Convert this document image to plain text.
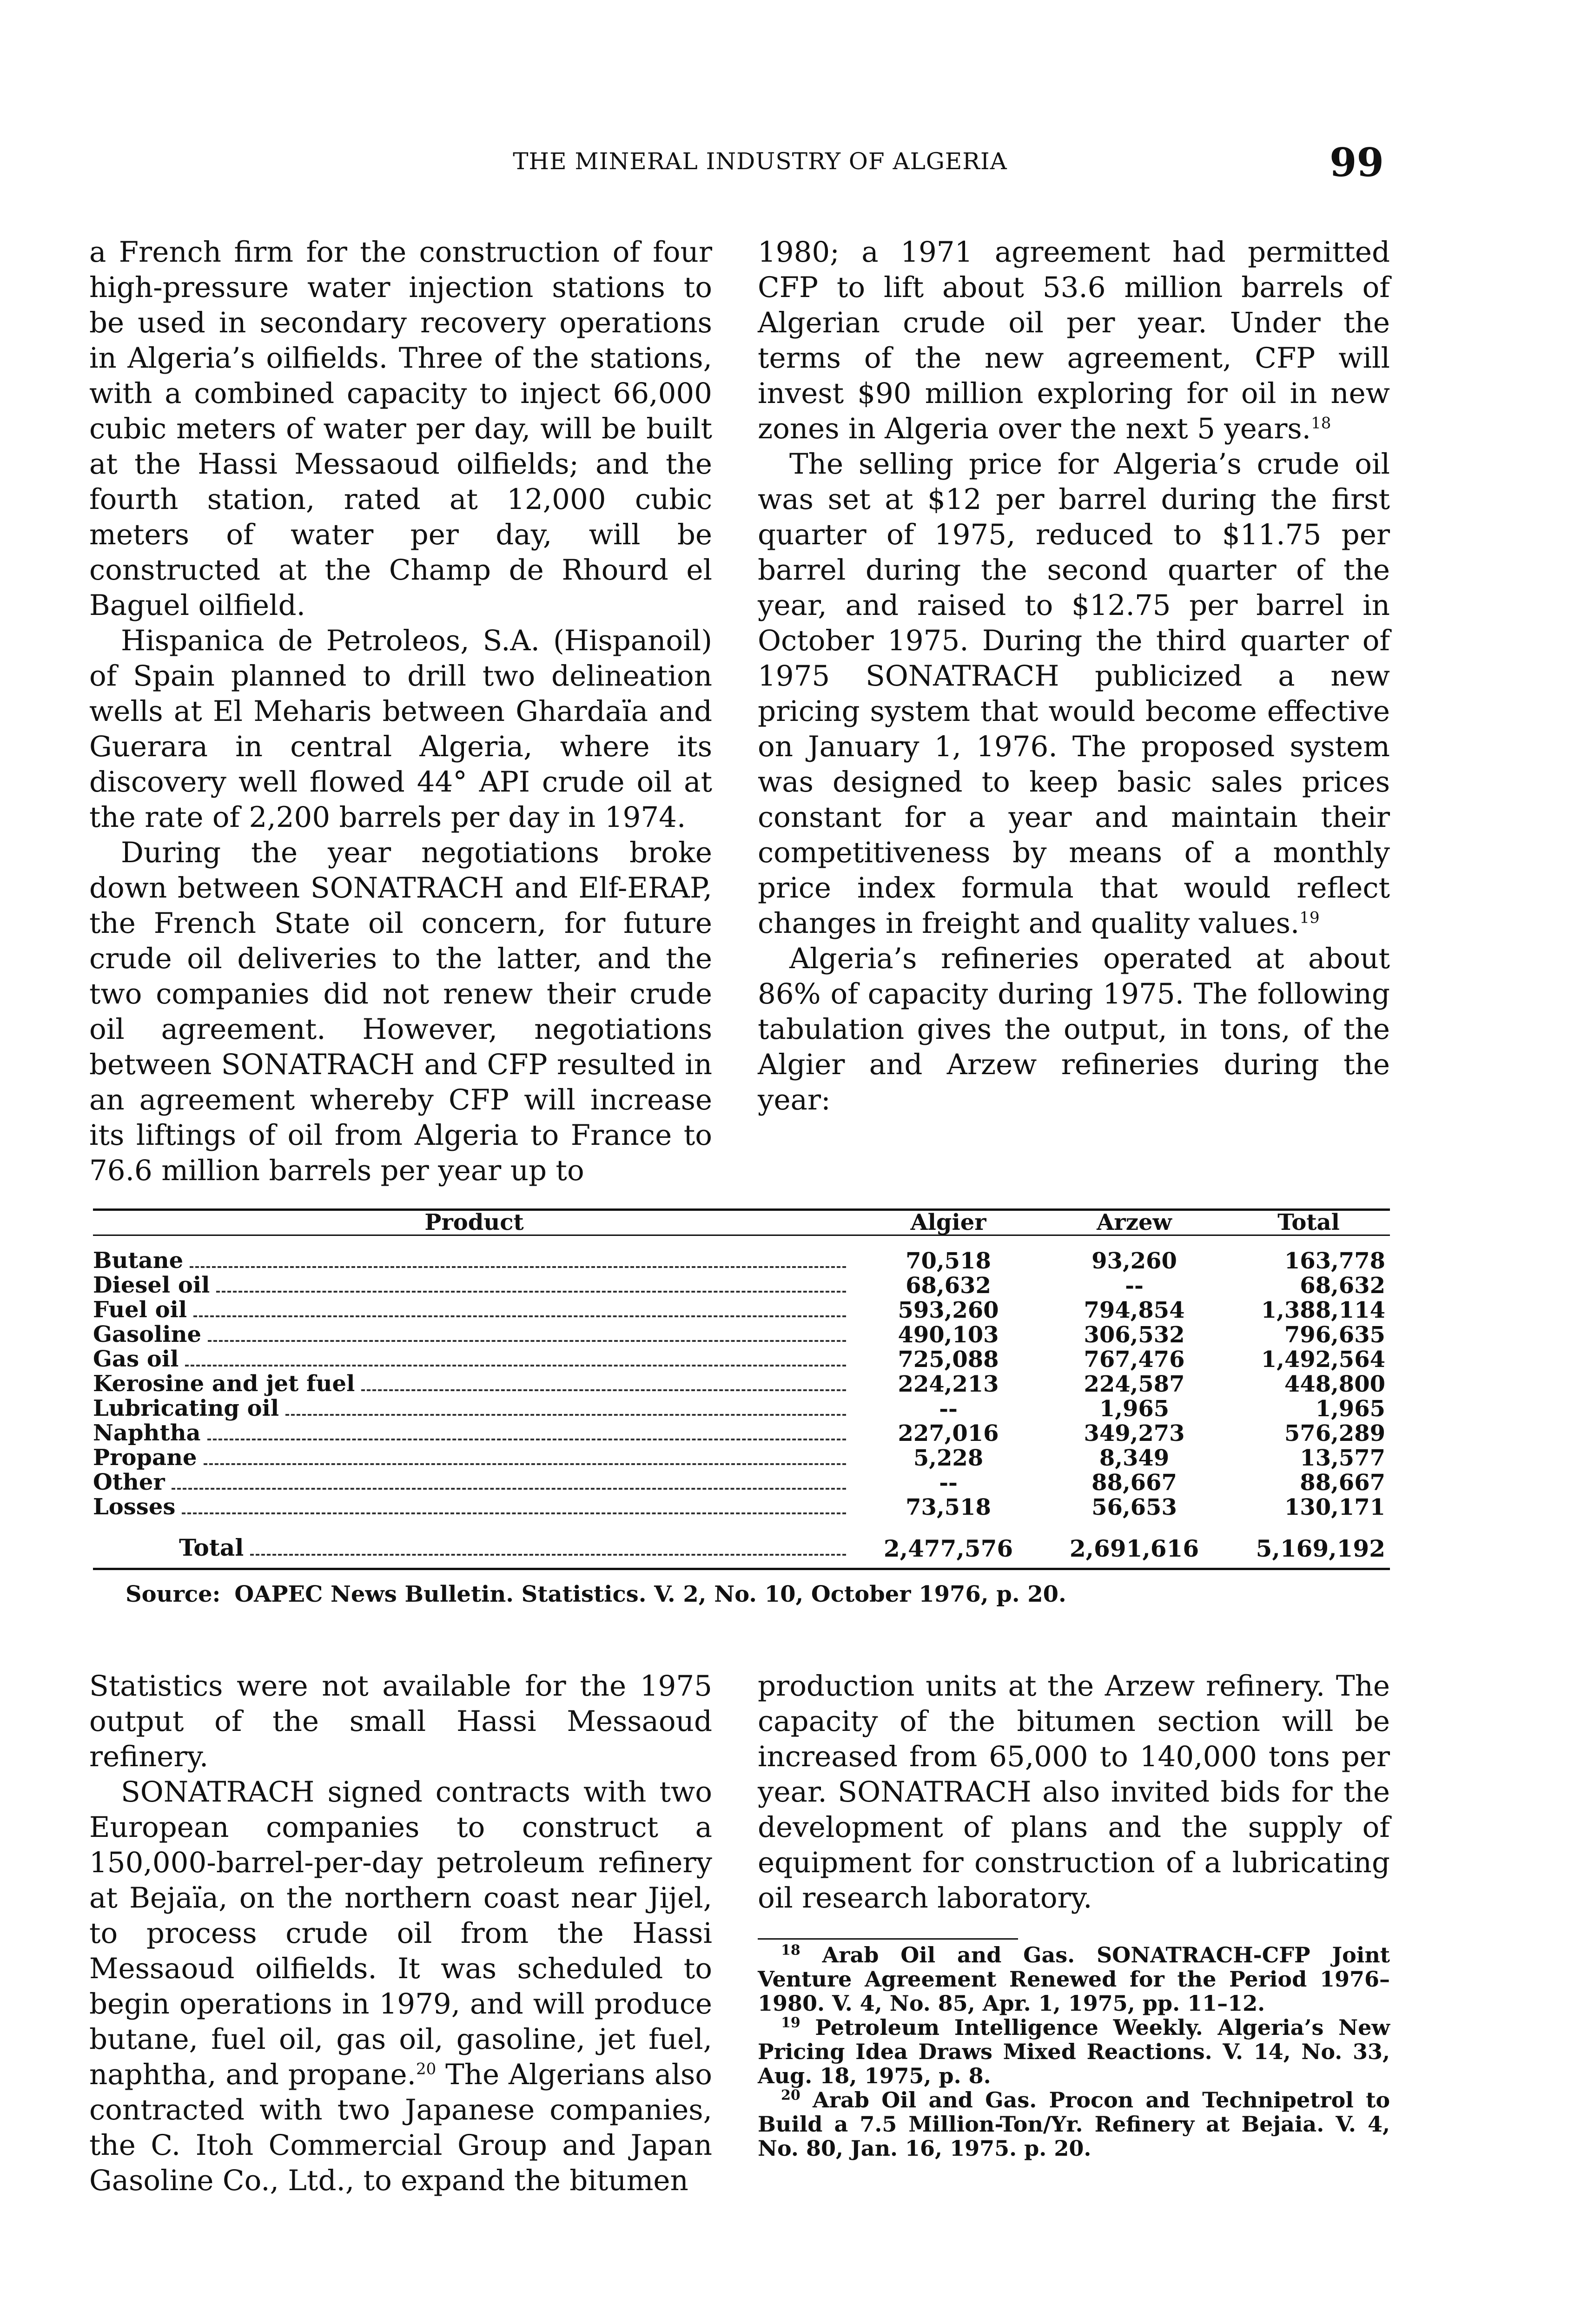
THE MINERAL INDUSTRY OF ALGERIA	99

a French firm for the construction of four high-pressure water injection stations to be used in secondary recovery operations in Algeria’s oilfields. Three of the stations, with a combined capacity to inject 66,000 cubic meters of water per day, will be built at the Hassi Messaoud oilfields; and the fourth station, rated at 12,000 cubic meters of water per day, will be constructed at the Champ de Rhourd el Baguel oilfield.

Hispanica de Petroleos, S.A. (Hispanoil) of Spain planned to drill two delineation wells at El Meharis between Ghardaïa and Guerara in central Algeria, where its discovery well flowed 44° API crude oil at the rate of 2,200 barrels per day in 1974.

During the year negotiations broke down between SONATRACH and Elf-ERAP, the French State oil concern, for future crude oil deliveries to the latter, and the two companies did not renew their crude oil agreement. However, negotiations between SONATRACH and CFP resulted in an agreement whereby CFP will increase its liftings of oil from Algeria to France to 76.6 million barrels per year up to

1980; a 1971 agreement had permitted CFP to lift about 53.6 million barrels of Algerian crude oil per year. Under the terms of the new agreement, CFP will invest $90 million exploring for oil in new zones in Algeria over the next 5 years.$^{18}$

The selling price for Algeria’s crude oil was set at $12 per barrel during the first quarter of 1975, reduced to $11.75 per barrel during the second quarter of the year, and raised to $12.75 per barrel in October 1975. During the third quarter of 1975 SONATRACH publicized a new pricing system that would become effective on January 1, 1976. The proposed system was designed to keep basic sales prices constant for a year and maintain their competitiveness by means of a monthly price index formula that would reflect changes in freight and quality values.$^{19}$

Algeria’s refineries operated at about 86% of capacity during 1975. The following tabulation gives the output, in tons, of the Algier and Arzew refineries during the year:

Product	Algier	Arzew	Total

Butane	70,518	93,260	163,778

Diesel oil	68,632	--	68,632

Fuel oil	593,260	794,854	1,388,114

Gasoline	490,103	306,532	796,635

Gas oil	725,088	767,476	1,492,564

Kerosine and jet fuel	224,213	224,587	448,800

Lubricating oil	--	1,965	1,965

Naphtha	227,016	349,273	576,289

Propane	5,228	8,349	13,577

Other	--	88,667	88,667

Losses	73,518	56,653	130,171

Total	2,477,576	2,691,616	5,169,192
Source: OAPEC News Bulletin. Statistics. V. 2, No. 10, October 1976, p. 20.

Statistics were not available for the 1975 output of the small Hassi Messaoud refinery.

SONATRACH signed contracts with two European companies to construct a 150,000-barrel-per-day petroleum refinery at Bejaïa, on the northern coast near Jijel, to process crude oil from the Hassi Messaoud oilfields. It was scheduled to begin operations in 1979, and will produce butane, fuel oil, gas oil, gasoline, jet fuel, naphtha, and propane.$^{20}$ The Algerians also contracted with two Japanese companies, the C. Itoh Commercial Group and Japan Gasoline Co., Ltd., to expand the bitumen

production units at the Arzew refinery. The capacity of the bitumen section will be increased from 65,000 to 140,000 tons per year. SONATRACH also invited bids for the development of plans and the supply of equipment for construction of a lubricating oil research laboratory.

$^{18}$ Arab Oil and Gas. SONATRACH-CFP Joint Venture Agreement Renewed for the Period 1976–1980. V. 4, No. 85, Apr. 1, 1975, pp. 11–12.

$^{19}$ Petroleum Intelligence Weekly. Algeria’s New Pricing Idea Draws Mixed Reactions. V. 14, No. 33, Aug. 18, 1975, p. 8.

$^{20}$ Arab Oil and Gas. Procon and Technipetrol to Build a 7.5 Million-Ton/Yr. Refinery at Bejaia. V. 4, No. 80, Jan. 16, 1975. p. 20.
